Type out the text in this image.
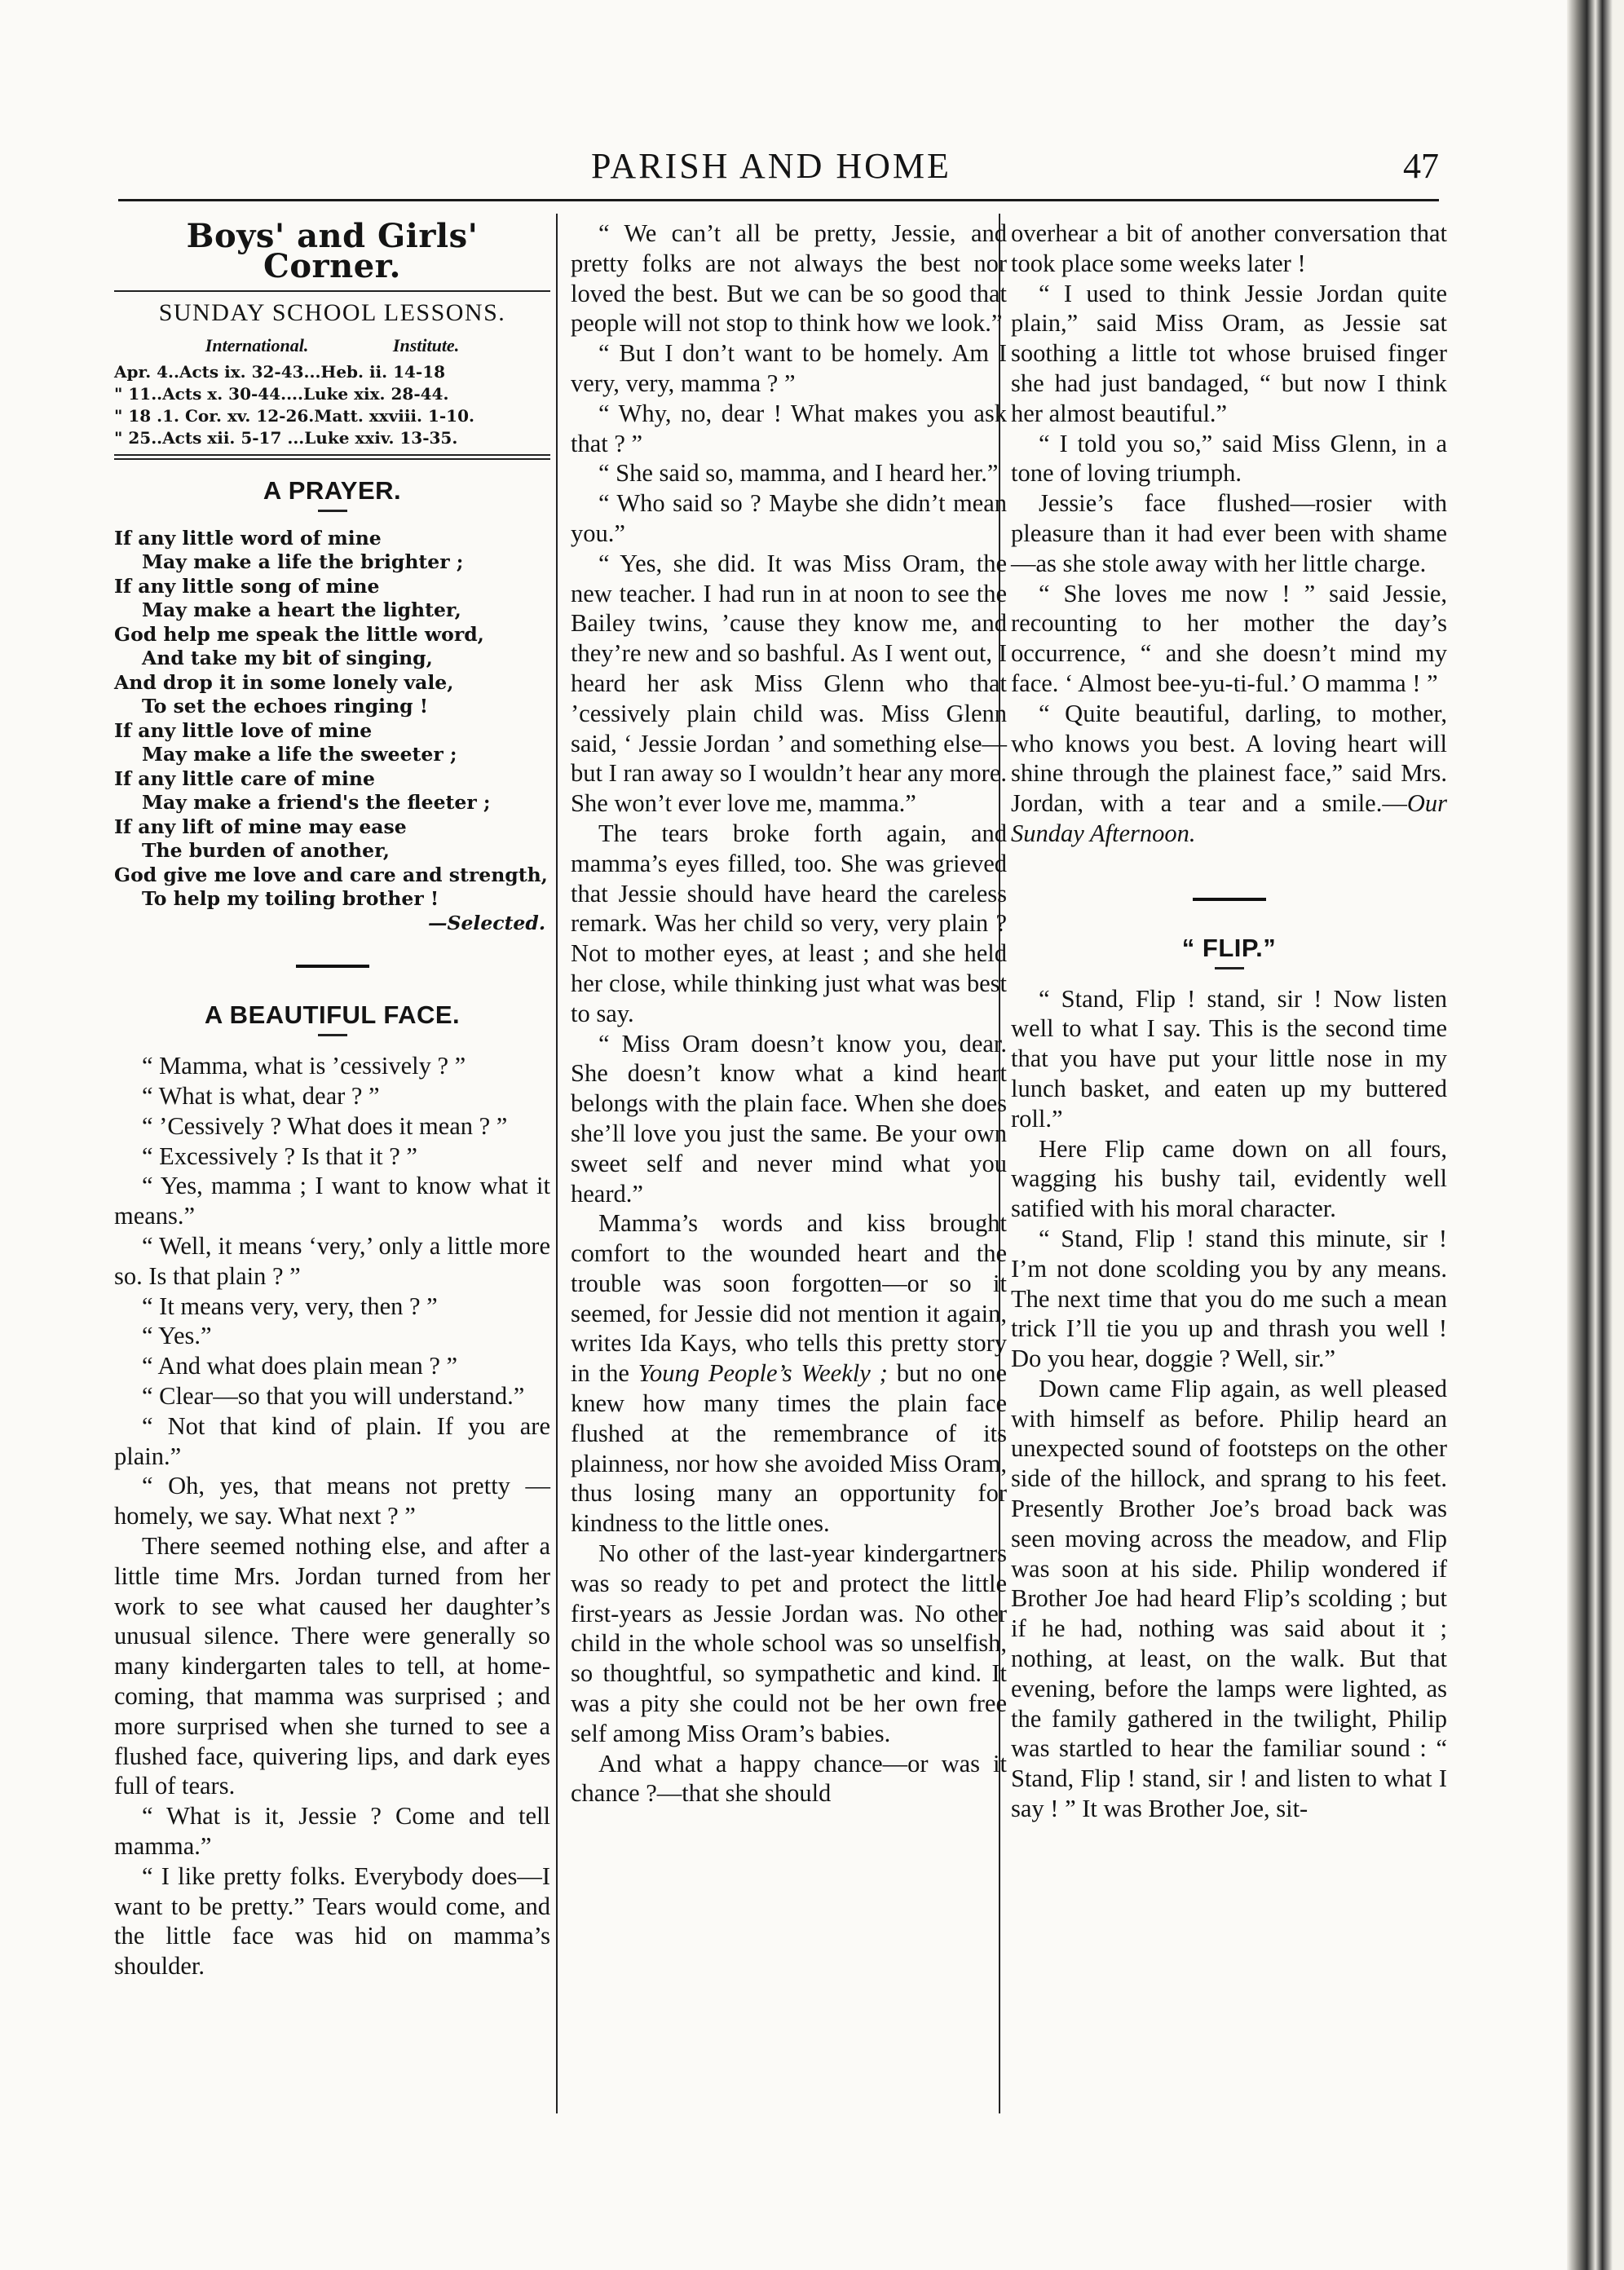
PARISH AND HOME	47
Boys' and Girls' Corner.
SUNDAY SCHOOL LESSONS.
International.	Institute.
Apr. 4..Acts ix. 32-43...Heb. ii. 14-18
" 11..Acts x. 30-44....Luke xix. 28-44.
" 18 .1. Cor. xv. 12-26.Matt. xxviii. 1-10.
" 25..Acts xii. 5-17 ...Luke xxiv. 13-35.
A PRAYER.
If any little word of mine
May make a life the brighter ;
If any little song of mine
May make a heart the lighter,
God help me speak the little word,
And take my bit of singing,
And drop it in some lonely vale,
To set the echoes ringing !
If any little love of mine
May make a life the sweeter ;
If any little care of mine
May make a friend's the fleeter ;
If any lift of mine may ease
The burden of another,
God give me love and care and strength,
To help my toiling brother !
—Selected.
A BEAUTIFUL FACE.

“ Mamma, what is ’cessively ? ”

“ What is what, dear ? ”

“ ’Cessively ? What does it mean ? ”

“ Excessively ? Is that it ? ”

“ Yes, mamma ; I want to know what it means.”

“ Well, it means ‘very,’ only a little more so. Is that plain ? ”

“ It means very, very, then ? ”

“ Yes.”

“ And what does plain mean ? ”

“ Clear—so that you will understand.”

“ Not that kind of plain. If you are plain.”

“ Oh, yes, that means not pretty —homely, we say. What next ? ”

There seemed nothing else, and after a little time Mrs. Jordan turned from her work to see what caused her daughter’s unusual silence. There were generally so many kindergarten tales to tell, at home-coming, that mamma was surprised ; and more surprised when she turned to see a flushed face, quivering lips, and dark eyes full of tears.

“ What is it, Jessie ? Come and tell mamma.”

“ I like pretty folks. Everybody does—I want to be pretty.” Tears would come, and the little face was hid on mamma’s shoulder.

“ We can’t all be pretty, Jessie, and pretty folks are not always the best nor loved the best. But we can be so good that people will not stop to think how we look.”

“ But I don’t want to be homely. Am I very, very, mamma ? ”

“ Why, no, dear ! What makes you ask that ? ”

“ She said so, mamma, and I heard her.”

“ Who said so ? Maybe she didn’t mean you.”

“ Yes, she did. It was Miss Oram, the new teacher. I had run in at noon to see the Bailey twins, ’cause they know me, and they’re new and so bashful. As I went out, I heard her ask Miss Glenn who that ’cessively plain child was. Miss Glenn said, ‘ Jessie Jordan ’ and something else—but I ran away so I wouldn’t hear any more. She won’t ever love me, mamma.”

The tears broke forth again, and mamma’s eyes filled, too. She was grieved that Jessie should have heard the careless remark. Was her child so very, very plain ? Not to mother eyes, at least ; and she held her close, while thinking just what was best to say.

“ Miss Oram doesn’t know you, dear. She doesn’t know what a kind heart belongs with the plain face. When she does she’ll love you just the same. Be your own sweet self and never mind what you heard.”

Mamma’s words and kiss brought comfort to the wounded heart and the trouble was soon forgotten—or so it seemed, for Jessie did not mention it again, writes Ida Kays, who tells this pretty story in the Young People’s Weekly ; but no one knew how many times the plain face flushed at the remembrance of its plainness, nor how she avoided Miss Oram, thus losing many an opportunity for kindness to the little ones.

No other of the last-year kindergartners was so ready to pet and protect the little first-years as Jessie Jordan was. No other child in the whole school was so unselfish, so thoughtful, so sympathetic and kind. It was a pity she could not be her own free self among Miss Oram’s babies.

And what a happy chance—or was it chance ?—that she should

overhear a bit of another conversation that took place some weeks later !

“ I used to think Jessie Jordan quite plain,” said Miss Oram, as Jessie sat soothing a little tot whose bruised finger she had just bandaged, “ but now I think her almost beautiful.”

“ I told you so,” said Miss Glenn, in a tone of loving triumph.

Jessie’s face flushed—rosier with pleasure than it had ever been with shame—as she stole away with her little charge.

“ She loves me now ! ” said Jessie, recounting to her mother the day’s occurrence, “ and she doesn’t mind my face. ‘ Almost bee-yu-ti-ful.’ O mamma ! ”

“ Quite beautiful, darling, to mother, who knows you best. A loving heart will shine through the plainest face,” said Mrs. Jordan, with a tear and a smile.—Our Sunday Afternoon.

“ FLIP.”

“ Stand, Flip ! stand, sir ! Now listen well to what I say. This is the second time that you have put your little nose in my lunch basket, and eaten up my buttered roll.”

Here Flip came down on all fours, wagging his bushy tail, evidently well satified with his moral character.

“ Stand, Flip ! stand this minute, sir ! I’m not done scolding you by any means. The next time that you do me such a mean trick I’ll tie you up and thrash you well ! Do you hear, doggie ? Well, sir.”

Down came Flip again, as well pleased with himself as before. Philip heard an unexpected sound of footsteps on the other side of the hillock, and sprang to his feet. Presently Brother Joe’s broad back was seen moving across the meadow, and Flip was soon at his side. Philip wondered if Brother Joe had heard Flip’s scolding ; but if he had, nothing was said about it ; nothing, at least, on the walk. But that evening, before the lamps were lighted, as the family gathered in the twilight, Philip was startled to hear the familiar sound : “ Stand, Flip ! stand, sir ! and listen to what I say ! ” It was Brother Joe, sit-
